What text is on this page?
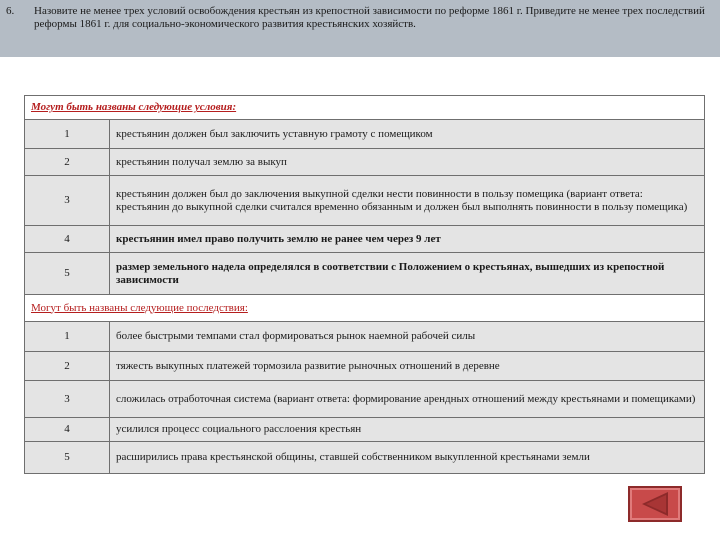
6. Назовите не менее трех условий освобождения крестьян из крепостной зависимости по реформе 1861 г. Приведите не менее трех последствий реформы 1861 г. для социально-экономического развития крестьянских хозяйств.
Могут быть названы следующие условия:	
1	крестьянин должен был заключить уставную грамоту с помещиком
2	крестьянин получал землю за выкуп
3	крестьянин должен был до заключения выкупной сделки нести повинности в пользу помещика (вариант ответа: крестьянин до выкупной сделки считался временно обязанным и должен был выполнять повинности в пользу помещика)
4	крестьянин имел право получить землю не ранее чем через 9 лет
5	размер земельного надела определялся в соответствии с Положением о крестьянах, вышедших из крепостной зависимости
Могут быть названы следующие последствия:	
1	более быстрыми темпами стал формироваться рынок наемной рабочей силы
2	тяжесть выкупных платежей тормозила развитие рыночных отношений в деревне
3	сложилась отработочная система (вариант ответа: формирование арендных отношений между крестьянами и помещиками)
4	усилился процесс социального расслоения крестьян
5	расширились права крестьянской общины, ставшей собственником выкупленной крестьянами земли
